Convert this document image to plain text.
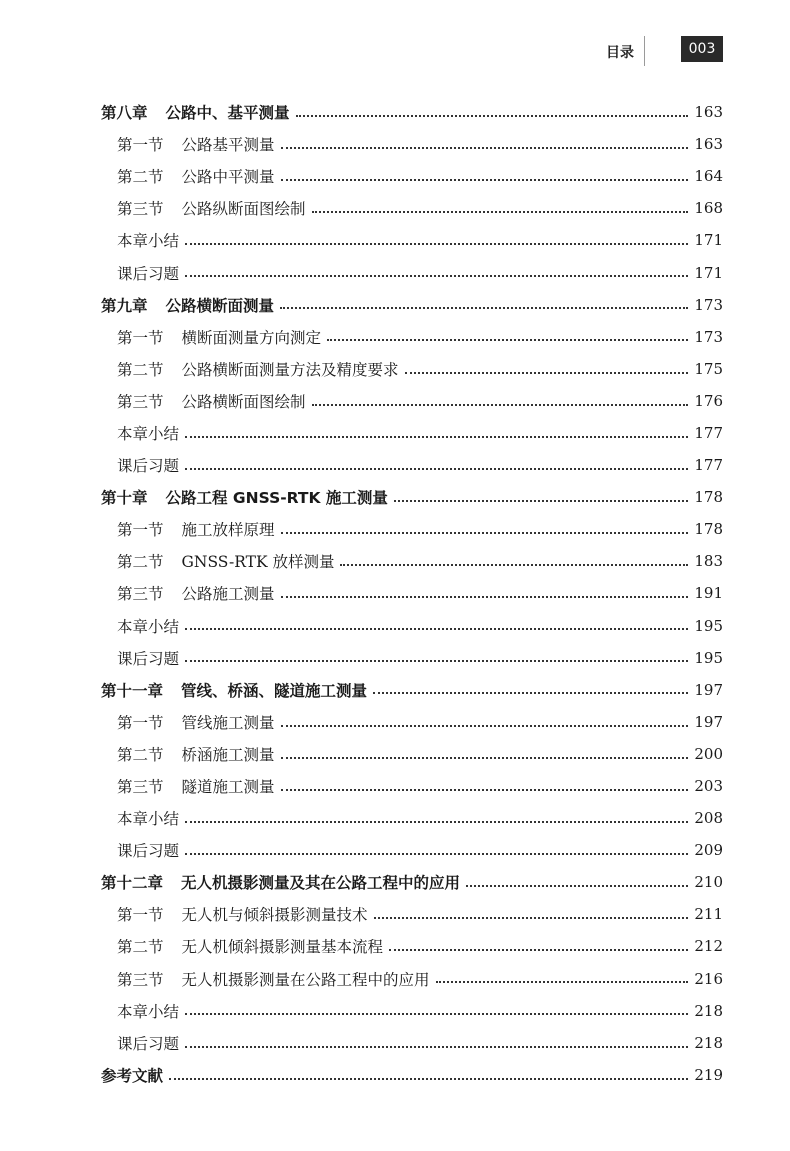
目录	003
第八章 公路中、基平测量	163
第一节 公路基平测量	163
第二节 公路中平测量	164
第三节 公路纵断面图绘制	168
本章小结	171
课后习题	171
第九章 公路横断面测量	173
第一节 横断面测量方向测定	173
第二节 公路横断面测量方法及精度要求	175
第三节 公路横断面图绘制	176
本章小结	177
课后习题	177
第十章 公路工程 GNSS-RTK 施工测量	178
第一节 施工放样原理	178
第二节 GNSS-RTK 放样测量	183
第三节 公路施工测量	191
本章小结	195
课后习题	195
第十一章 管线、桥涵、隧道施工测量	197
第一节 管线施工测量	197
第二节 桥涵施工测量	200
第三节 隧道施工测量	203
本章小结	208
课后习题	209
第十二章 无人机摄影测量及其在公路工程中的应用	210
第一节 无人机与倾斜摄影测量技术	211
第二节 无人机倾斜摄影测量基本流程	212
第三节 无人机摄影测量在公路工程中的应用	216
本章小结	218
课后习题	218
参考文献	219
